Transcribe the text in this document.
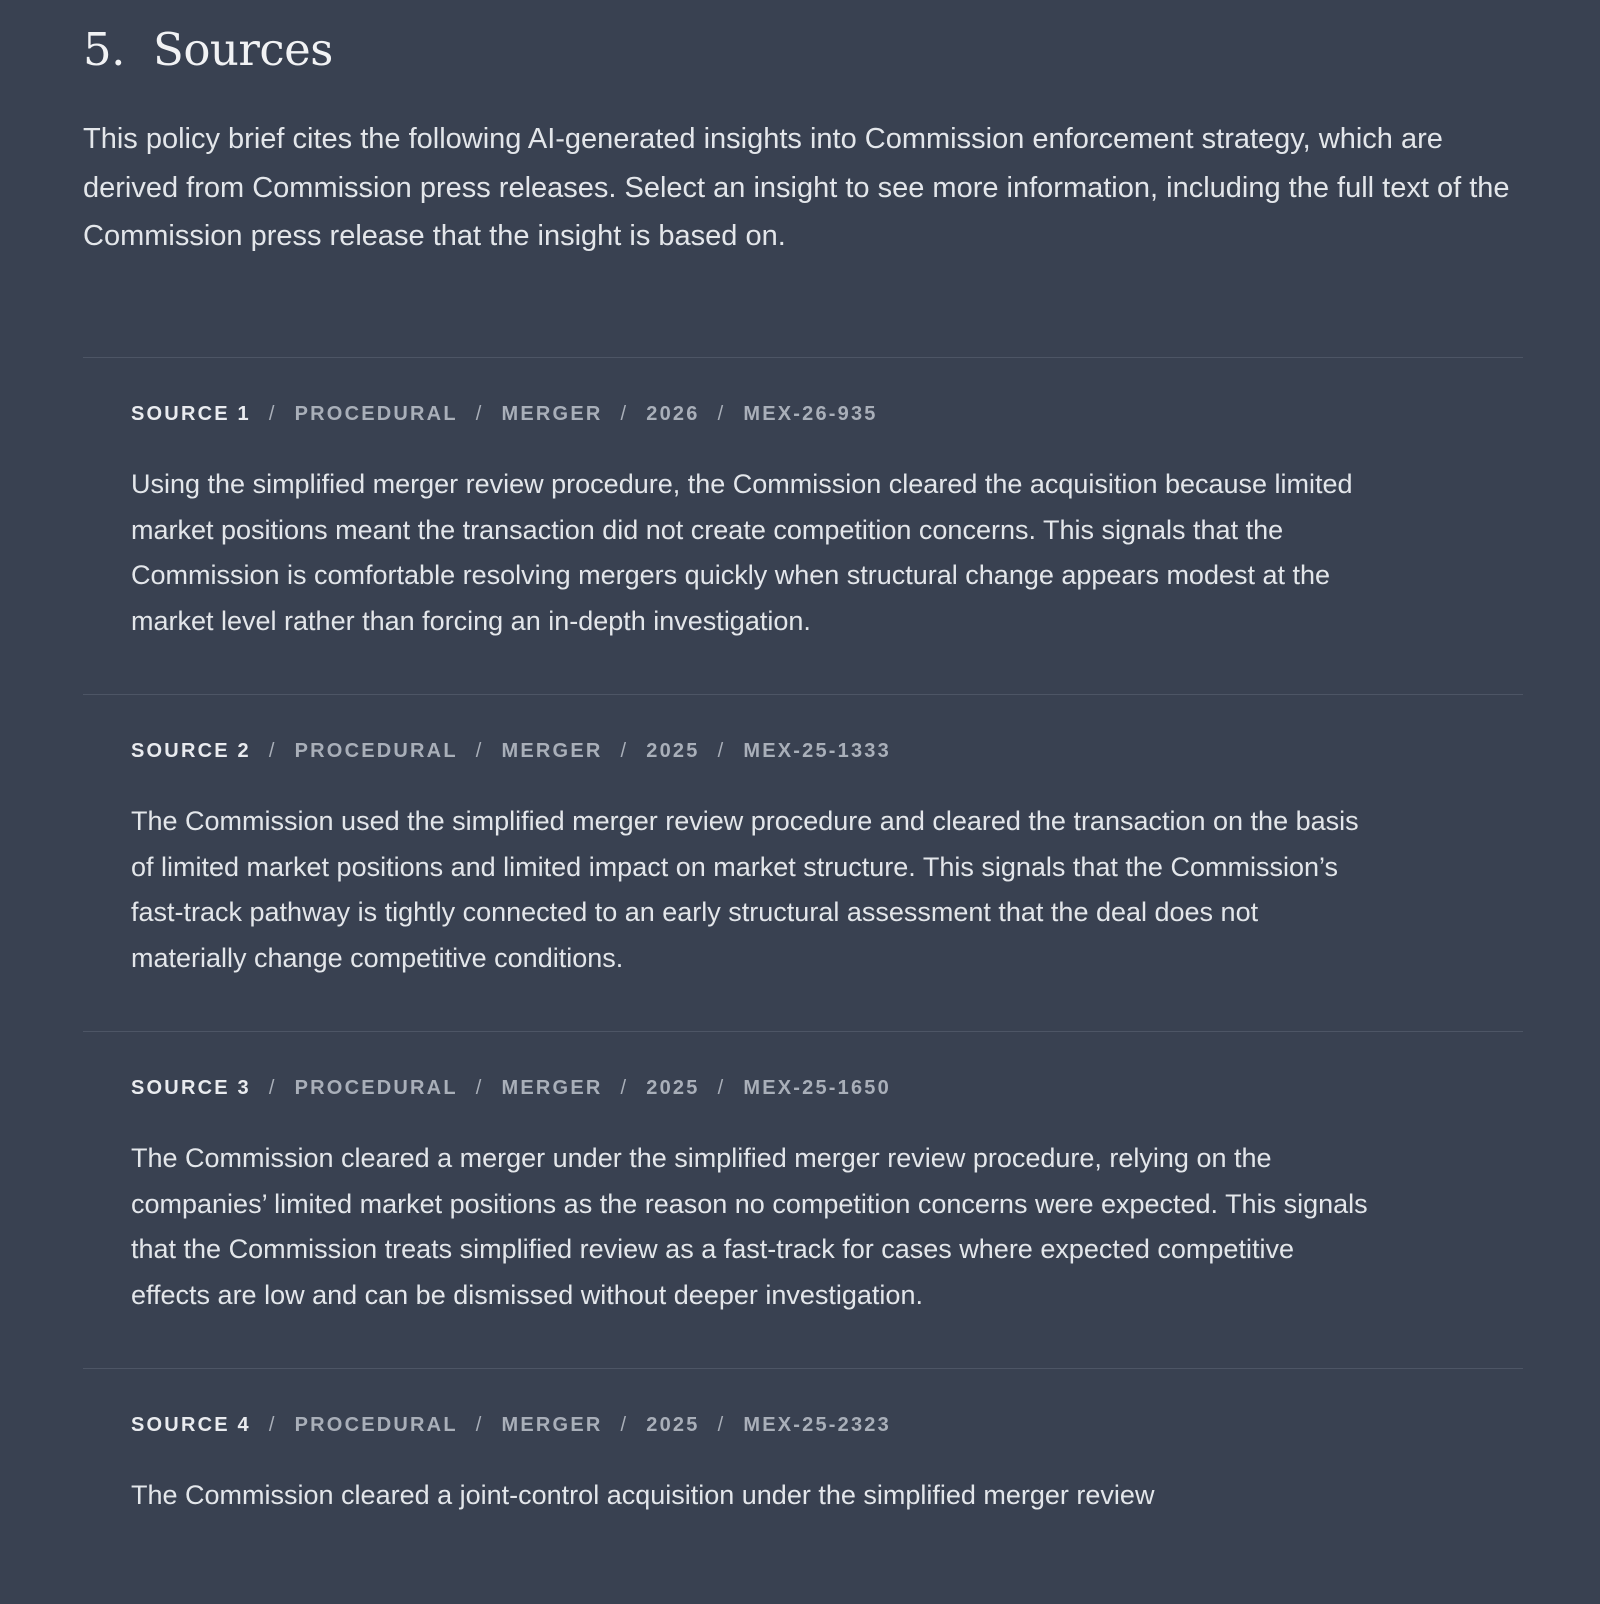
5. Sources

This policy brief cites the following AI-generated insights into Commission enforcement strategy, which are derived from Commission press releases. Select an insight to see more information, including the full text of the Commission press release that the insight is based on.

SOURCE 1 / PROCEDURAL / MERGER / 2026 / MEX-26-935

Using the simplified merger review procedure, the Commission cleared the acquisition because limited market positions meant the transaction did not create competition concerns. This signals that the Commission is comfortable resolving mergers quickly when structural change appears modest at the market level rather than forcing an in-depth investigation.

SOURCE 2 / PROCEDURAL / MERGER / 2025 / MEX-25-1333

The Commission used the simplified merger review procedure and cleared the transaction on the basis of limited market positions and limited impact on market structure. This signals that the Commission’s fast-track pathway is tightly connected to an early structural assessment that the deal does not materially change competitive conditions.

SOURCE 3 / PROCEDURAL / MERGER / 2025 / MEX-25-1650

The Commission cleared a merger under the simplified merger review procedure, relying on the companies’ limited market positions as the reason no competition concerns were expected. This signals that the Commission treats simplified review as a fast-track for cases where expected competitive effects are low and can be dismissed without deeper investigation.

SOURCE 4 / PROCEDURAL / MERGER / 2025 / MEX-25-2323

The Commission cleared a joint-control acquisition under the simplified merger review
